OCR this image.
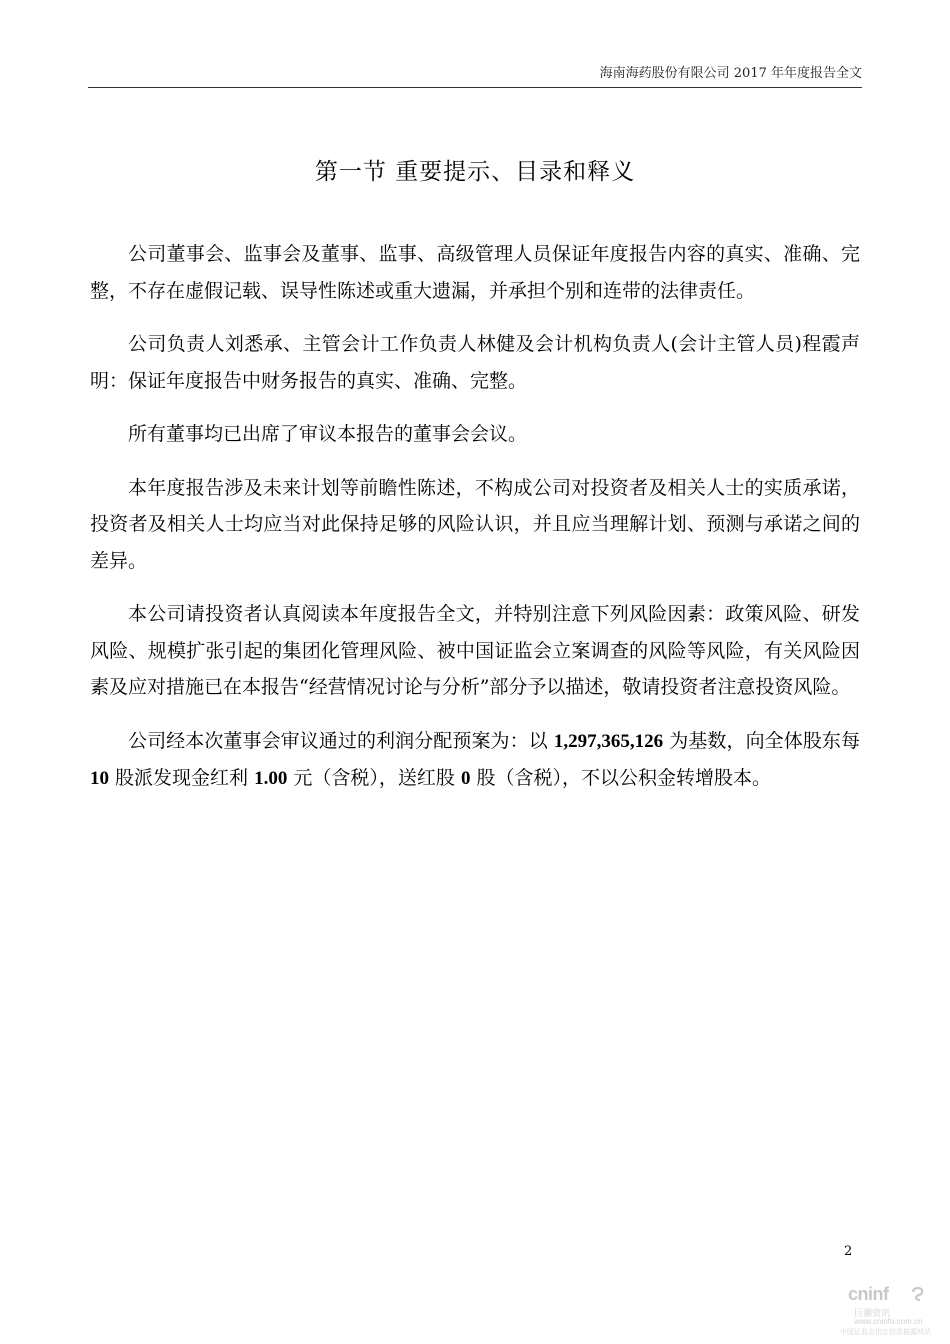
海南海药股份有限公司 2017 年年度报告全文
第一节 重要提示、目录和释义

公司董事会、监事会及董事、监事、高级管理人员保证年度报告内容的真实、准确、完整，不存在虚假记载、误导性陈述或重大遗漏，并承担个别和连带的法律责任。

公司负责人刘悉承、主管会计工作负责人林健及会计机构负责人(会计主管人员)程霞声明：保证年度报告中财务报告的真实、准确、完整。

所有董事均已出席了审议本报告的董事会会议。

本年度报告涉及未来计划等前瞻性陈述，不构成公司对投资者及相关人士的实质承诺，投资者及相关人士均应当对此保持足够的风险认识，并且应当理解计划、预测与承诺之间的差异。

本公司请投资者认真阅读本年度报告全文，并特别注意下列风险因素：政策风险、研发风险、规模扩张引起的集团化管理风险、被中国证监会立案调查的风险等风险，有关风险因素及应对措施已在本报告“经营情况讨论与分析”部分予以描述，敬请投资者注意投资风险。

公司经本次董事会审议通过的利润分配预案为：以 1,297,365,126 为基数，向全体股东每 10 股派发现金红利 1.00 元（含税），送红股 0 股（含税），不以公积金转增股本。

2
cninf
巨潮资讯
www.cninfo.com.cn
中国证监会指定信息披露网站
